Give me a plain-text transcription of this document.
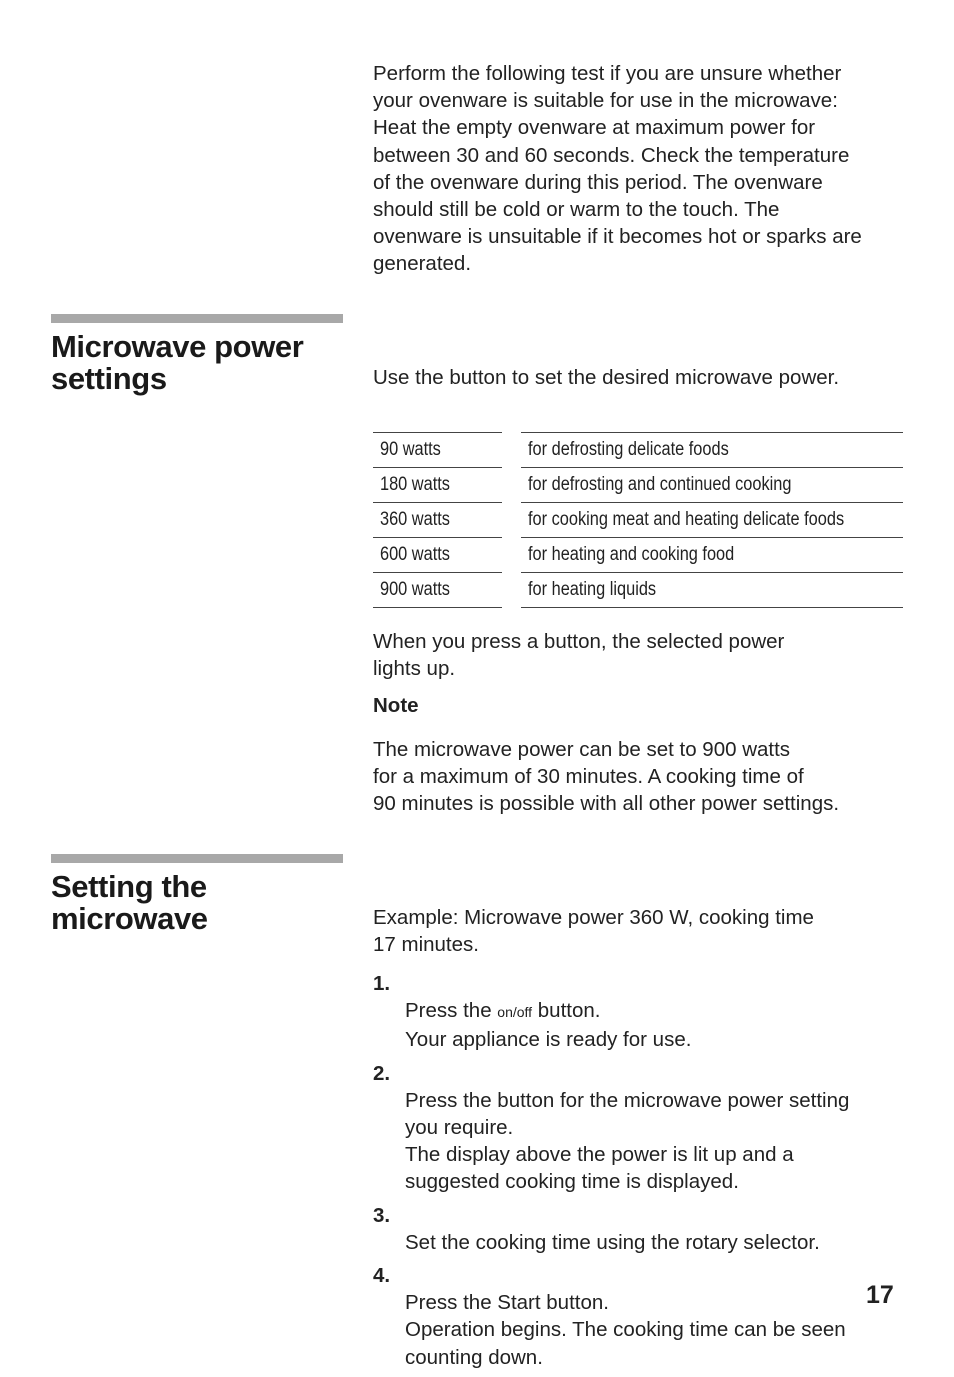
Perform the following test if you are unsure whether
your ovenware is suitable for use in the microwave:
Heat the empty ovenware at maximum power for
between 30 and 60 seconds. Check the temperature
of the ovenware during this period. The ovenware
should still be cold or warm to the touch. The
ovenware is unsuitable if it becomes hot or sparks are
generated.

Microwave power
settings	Use the button to set the desired microwave power.

90 watts	for defrosting delicate foods
180 watts	for defrosting and continued cooking
360 watts	for cooking meat and heating delicate foods
600 watts	for heating and cooking food
900 watts	for heating liquids

When you press a button, the selected power
lights up.

Note

The microwave power can be set to 900 watts
for a maximum of 30 minutes. A cooking time of
90 minutes is possible with all other power settings.

Setting the
microwave	Example: Microwave power 360 W, cooking time
17 minutes.

1.
Press the on/off button.
Your appliance is ready for use.

2.
Press the button for the microwave power setting
you require.
The display above the power is lit up and a
suggested cooking time is displayed.

3.
Set the cooking time using the rotary selector.

4.
Press the Start button.
Operation begins. The cooking time can be seen
counting down.

17
